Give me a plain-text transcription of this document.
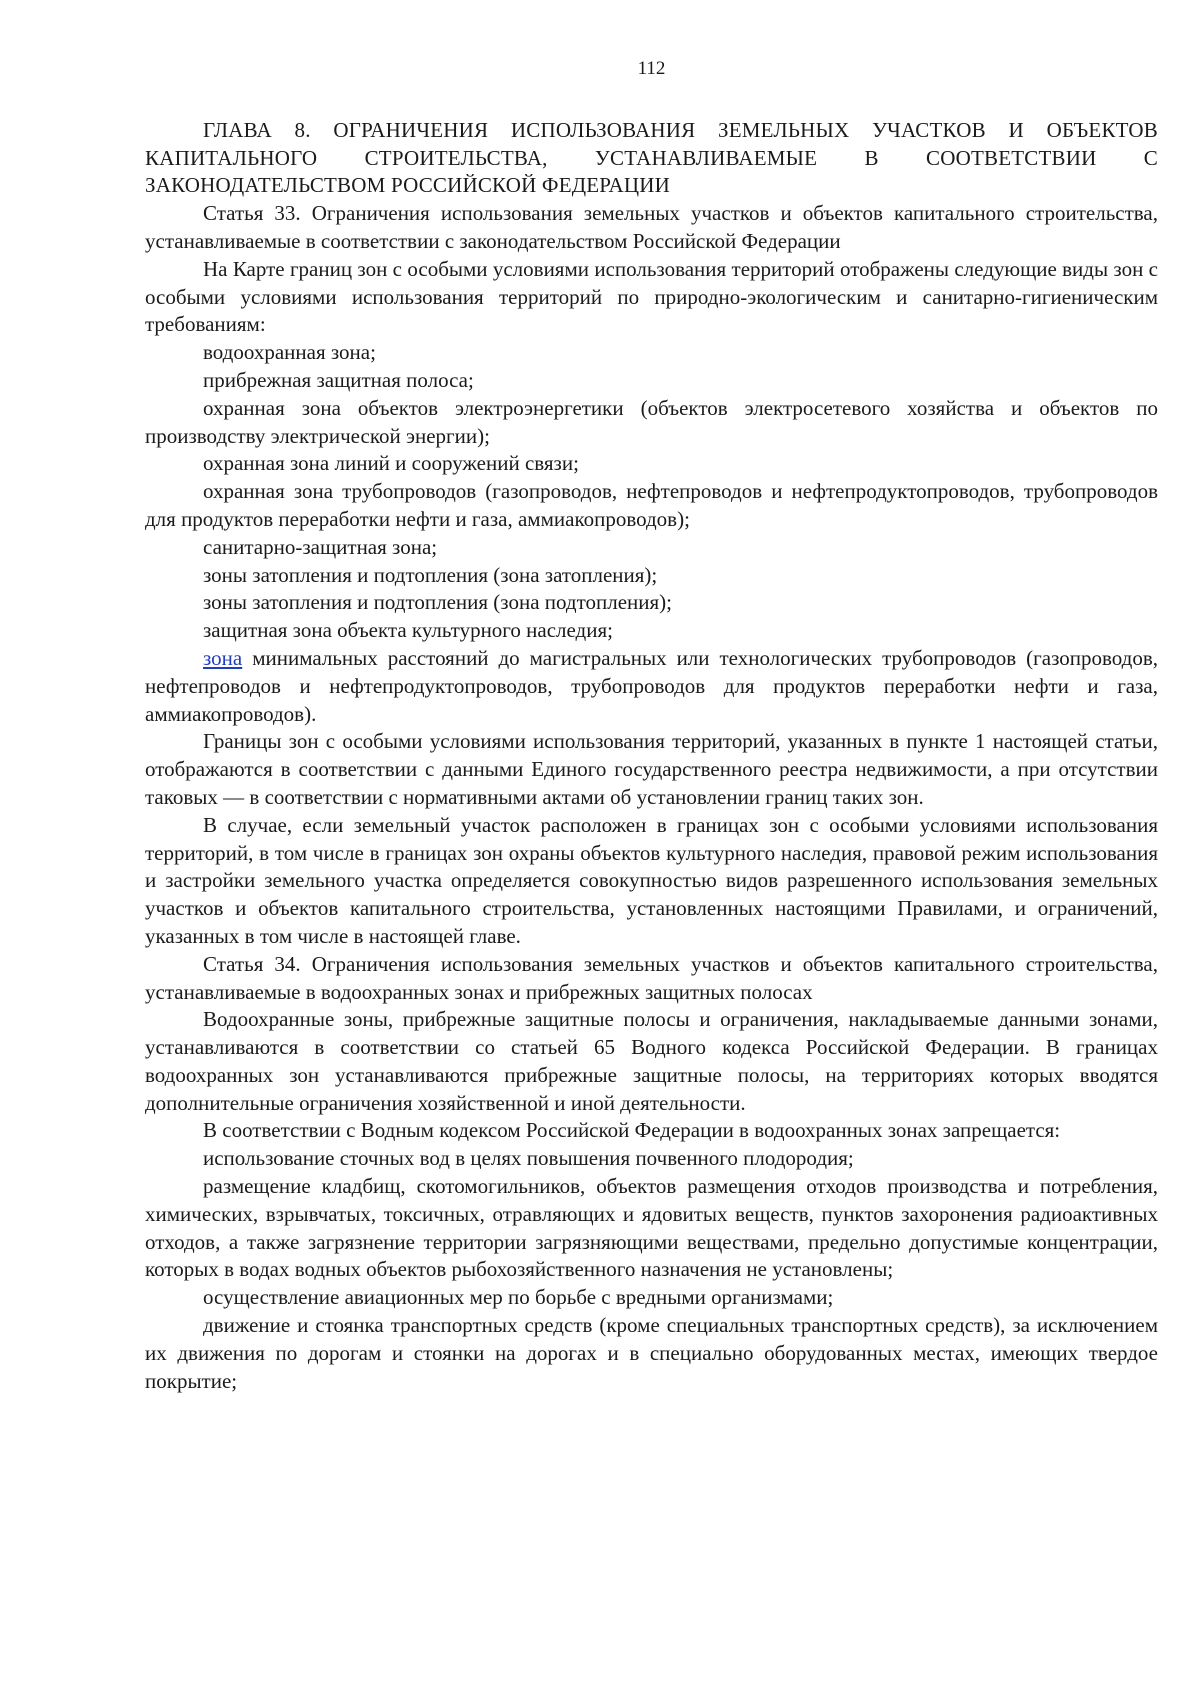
112

ГЛАВА 8. ОГРАНИЧЕНИЯ ИСПОЛЬЗОВАНИЯ ЗЕМЕЛЬНЫХ УЧАСТКОВ И ОБЪЕКТОВ КАПИТАЛЬНОГО СТРОИТЕЛЬСТВА, УСТАНАВЛИВАЕМЫЕ В СООТВЕТСТВИИ С ЗАКОНОДАТЕЛЬСТВОМ РОССИЙСКОЙ ФЕДЕРАЦИИ

Статья 33. Ограничения использования земельных участков и объектов капитального строительства, устанавливаемые в соответствии с законодательством Российской Федерации

На Карте границ зон с особыми условиями использования территорий отображены следующие виды зон с особыми условиями использования территорий по природно-экологическим и санитарно-гигиеническим требованиям:

водоохранная зона;

прибрежная защитная полоса;

охранная зона объектов электроэнергетики (объектов электросетевого хозяйства и объектов по производству электрической энергии);

охранная зона линий и сооружений связи;

охранная зона трубопроводов (газопроводов, нефтепроводов и нефтепродуктопроводов, трубопроводов для продуктов переработки нефти и газа, аммиакопроводов);

санитарно-защитная зона;

зоны затопления и подтопления (зона затопления);

зоны затопления и подтопления (зона подтопления);

защитная зона объекта культурного наследия;

зона минимальных расстояний до магистральных или технологических трубопроводов (газопроводов, нефтепроводов и нефтепродуктопроводов, трубопроводов для продуктов переработки нефти и газа, аммиакопроводов).

Границы зон с особыми условиями использования территорий, указанных в пункте 1 настоящей статьи, отображаются в соответствии с данными Единого государственного реестра недвижимости, а при отсутствии таковых — в соответствии с нормативными актами об установлении границ таких зон.

В случае, если земельный участок расположен в границах зон с особыми условиями использования территорий, в том числе в границах зон охраны объектов культурного наследия, правовой режим использования и застройки земельного участка определяется совокупностью видов разрешенного использования земельных участков и объектов капитального строительства, установленных настоящими Правилами, и ограничений, указанных в том числе в настоящей главе.

Статья 34. Ограничения использования земельных участков и объектов капитального строительства, устанавливаемые в водоохранных зонах и прибрежных защитных полосах

Водоохранные зоны, прибрежные защитные полосы и ограничения, накладываемые данными зонами, устанавливаются в соответствии со статьей 65 Водного кодекса Российской Федерации. В границах водоохранных зон устанавливаются прибрежные защитные полосы, на территориях которых вводятся дополнительные ограничения хозяйственной и иной деятельности.

В соответствии с Водным кодексом Российской Федерации в водоохранных зонах запрещается:

использование сточных вод в целях повышения почвенного плодородия;

размещение кладбищ, скотомогильников, объектов размещения отходов производства и потребления, химических, взрывчатых, токсичных, отравляющих и ядовитых веществ, пунктов захоронения радиоактивных отходов, а также загрязнение территории загрязняющими веществами, предельно допустимые концентрации, которых в водах водных объектов рыбохозяйственного назначения не установлены;

осуществление авиационных мер по борьбе с вредными организмами;

движение и стоянка транспортных средств (кроме специальных транспортных средств), за исключением их движения по дорогам и стоянки на дорогах и в специально оборудованных местах, имеющих твердое покрытие;
